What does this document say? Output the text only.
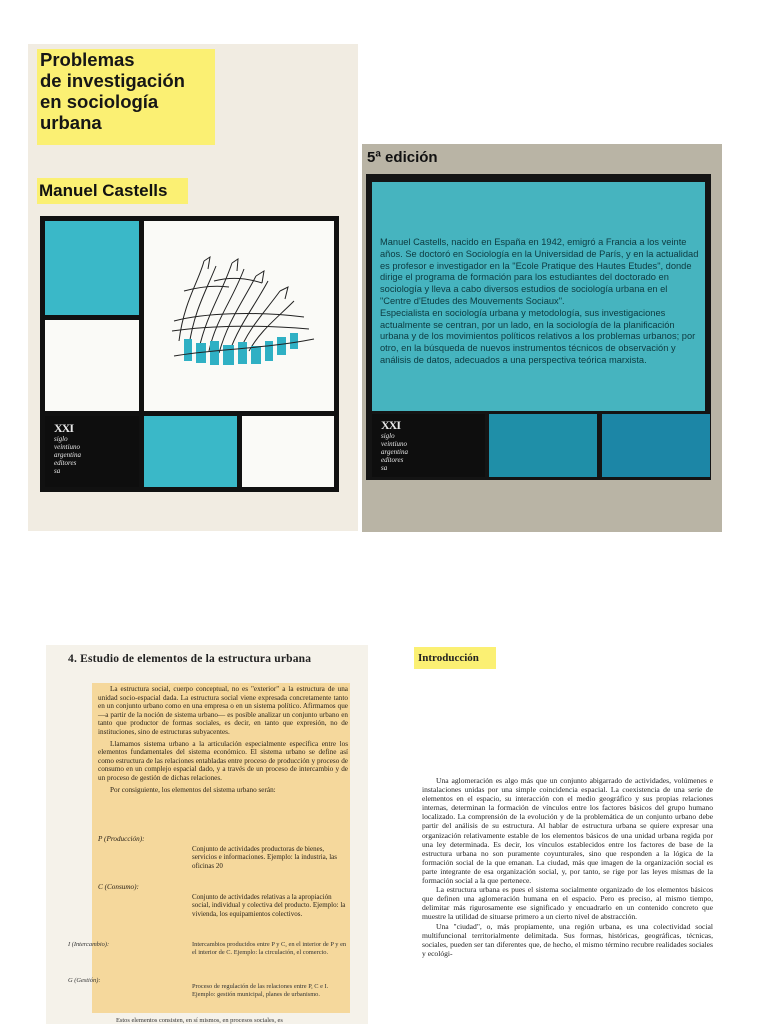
Problemas
de investigación
en sociología
urbana
Manuel Castells
XXI
siglo
veintiuno
argentina
editores
sa
5ª edición

Manuel Castells, nacido en España en 1942, emigró a Francia a los veinte años. Se doctoró en Sociología en la Universidad de París, y en la actualidad es profesor e investigador en la "Ecole Pratique des Hautes Etudes", donde dirige el programa de formación para los estudiantes del doctorado en sociología y lleva a cabo diversos estudios de sociología urbana en el "Centre d'Etudes des Mouvements Sociaux".

Especialista en sociología urbana y metodología, sus investigaciones actualmente se centran, por un lado, en la sociología de la planificación urbana y de los movimientos políticos relativos a los problemas urbanos; por otro, en la búsqueda de nuevos instrumentos técnicos de observación y análisis de datos, adecuados a una perspectiva teórica marxista.

XXI
siglo
veintiuno
argentina
editores
sa
4. Estudio de elementos de la estructura urbana

La estructura social, cuerpo conceptual, no es "exterior" a la estructura de una unidad socio-espacial dada. La estructura social viene expresada concretamente tanto en un conjunto urbano como en una empresa o en un sistema político. Afirmamos que —a partir de la noción de sistema urbano— es posible analizar un conjunto urbano en tanto que productor de formas sociales, es decir, en tanto que expresión, no de instituciones, sino de estructuras subyacentes.

Llamamos sistema urbano a la articulación especialmente específica entre los elementos fundamentales del sistema económico. El sistema urbano se define así como estructura de las relaciones entabladas entre proceso de producción y proceso de consumo en un complejo espacial dado, y a través de un proceso de intercambio y de un proceso de gestión de dichas relaciones.

Por consiguiente, los elementos del sistema urbano serán:

P (Producción):
Conjunto de actividades productoras de bienes, servicios e informaciones. Ejemplo: la industria, las oficinas 20
C (Consumo):
Conjunto de actividades relativas a la apropiación social, individual y colectiva del producto. Ejemplo: la vivienda, los equipamientos colectivos.
I (Intercambio):	Intercambios producidos entre P y C, en el interior de P y en el interior de C. Ejemplo: la circulación, el comercio.
G (Gestión):
Proceso de regulación de las relaciones entre P, C e I. Ejemplo: gestión municipal, planes de urbanismo.
Estos elementos consisten, en sí mismos, en procesos sociales, es
Introducción

Una aglomeración es algo más que un conjunto abigarrado de actividades, volúmenes e instalaciones unidas por una simple coincidencia espacial. La coexistencia de una serie de elementos en el espacio, su interacción con el medio geográfico y sus propias relaciones internas, determinan la formación de vínculos entre los factores básicos del grupo humano localizado. La comprensión de la evolución y de la problemática de un conjunto urbano debe partir del análisis de su estructura. Al hablar de estructura urbana se quiere expresar una organización relativamente estable de los elementos básicos de una unidad urbana regida por una ley determinada. Es decir, los vínculos establecidos entre los factores de base de la estructura urbana no son puramente coyunturales, sino que responden a la lógica de la formación social de la que emanan. La ciudad, más que imagen de la organización social es parte integrante de esa organización social, y, por tanto, se rige por las leyes mismas de la formación social a la que pertenece.

La estructura urbana es pues el sistema socialmente organizado de los elementos básicos que definen una aglomeración humana en el espacio. Pero es preciso, al mismo tiempo, delimitar más rigurosamente ese significado y encuadrarlo en un contenido concreto que muestre la utilidad de situarse primero a un cierto nivel de abstracción.

Una "ciudad", o, más propiamente, una región urbana, es una colectividad social multifuncional territorialmente delimitada. Sus formas, históricas, geográficas, técnicas, sociales, pueden ser tan diferentes que, de hecho, el mismo término recubre realidades sociales y ecológi-
